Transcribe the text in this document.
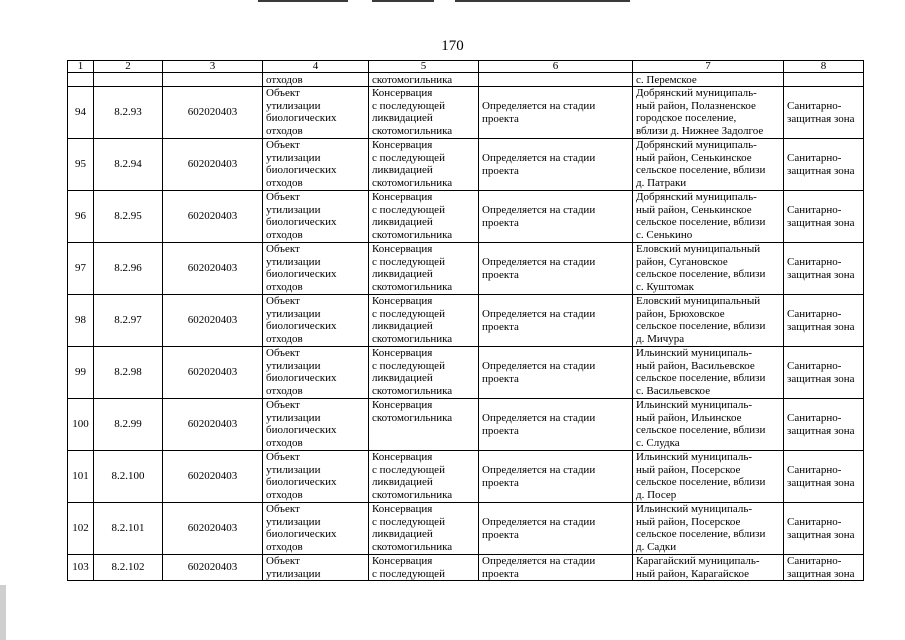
170
1	2	3	4	5	6	7	8
			отходов	скотомогильника		с. Перемское	
94	8.2.93	602020403	Объект
утилизации
биологических
отходов	Консервация
с последующей
ликвидацией
скотомогильника	Определяется на стадии
проекта	Добрянский муниципаль-
ный район, Полазненское
городское поселение,
вблизи д. Нижнее Задолгое	Санитарно-
защитная зона

95	8.2.94	602020403	Объект
утилизации
биологических
отходов	Консервация
с последующей
ликвидацией
скотомогильника	Определяется на стадии
проекта	Добрянский муниципаль-
ный район, Сенькинское
сельское поселение, вблизи
д. Патраки	Санитарно-
защитная зона

96	8.2.95	602020403	Объект
утилизации
биологических
отходов	Консервация
с последующей
ликвидацией
скотомогильника	Определяется на стадии
проекта	Добрянский муниципаль-
ный район, Сенькинское
сельское поселение, вблизи
с. Сенькино	Санитарно-
защитная зона

97	8.2.96	602020403	Объект
утилизации
биологических
отходов	Консервация
с последующей
ликвидацией
скотомогильника	Определяется на стадии
проекта	Еловский муниципальный
район, Сугановское
сельское поселение, вблизи
с. Куштомак	Санитарно-
защитная зона

98	8.2.97	602020403	Объект
утилизации
биологических
отходов	Консервация
с последующей
ликвидацией
скотомогильника	Определяется на стадии
проекта	Еловский муниципальный
район, Брюховское
сельское поселение, вблизи
д. Мичура	Санитарно-
защитная зона

99	8.2.98	602020403	Объект
утилизации
биологических
отходов	Консервация
с последующей
ликвидацией
скотомогильника	Определяется на стадии
проекта	Ильинский муниципаль-
ный район, Васильевское
сельское поселение, вблизи
с. Васильевское	Санитарно-
защитная зона

100	8.2.99	602020403	Объект
утилизации
биологических
отходов	Консервация
скотомогильника	Определяется на стадии
проекта	Ильинский муниципаль-
ный район, Ильинское
сельское поселение, вблизи
с. Слудка	Санитарно-
защитная зона

101	8.2.100	602020403	Объект
утилизации
биологических
отходов	Консервация
с последующей
ликвидацией
скотомогильника	Определяется на стадии
проекта	Ильинский муниципаль-
ный район, Посерское
сельское поселение, вблизи
д. Посер	Санитарно-
защитная зона

102	8.2.101	602020403	Объект
утилизации
биологических
отходов	Консервация
с последующей
ликвидацией
скотомогильника	Определяется на стадии
проекта	Ильинский муниципаль-
ный район, Посерское
сельское поселение, вблизи
д. Садки	Санитарно-
защитная зона

103	8.2.102	602020403	Объект
утилизации	Консервация
с последующей	Определяется на стадии
проекта	Карагайский муниципаль-
ный район, Карагайское	Санитарно-
защитная зона
